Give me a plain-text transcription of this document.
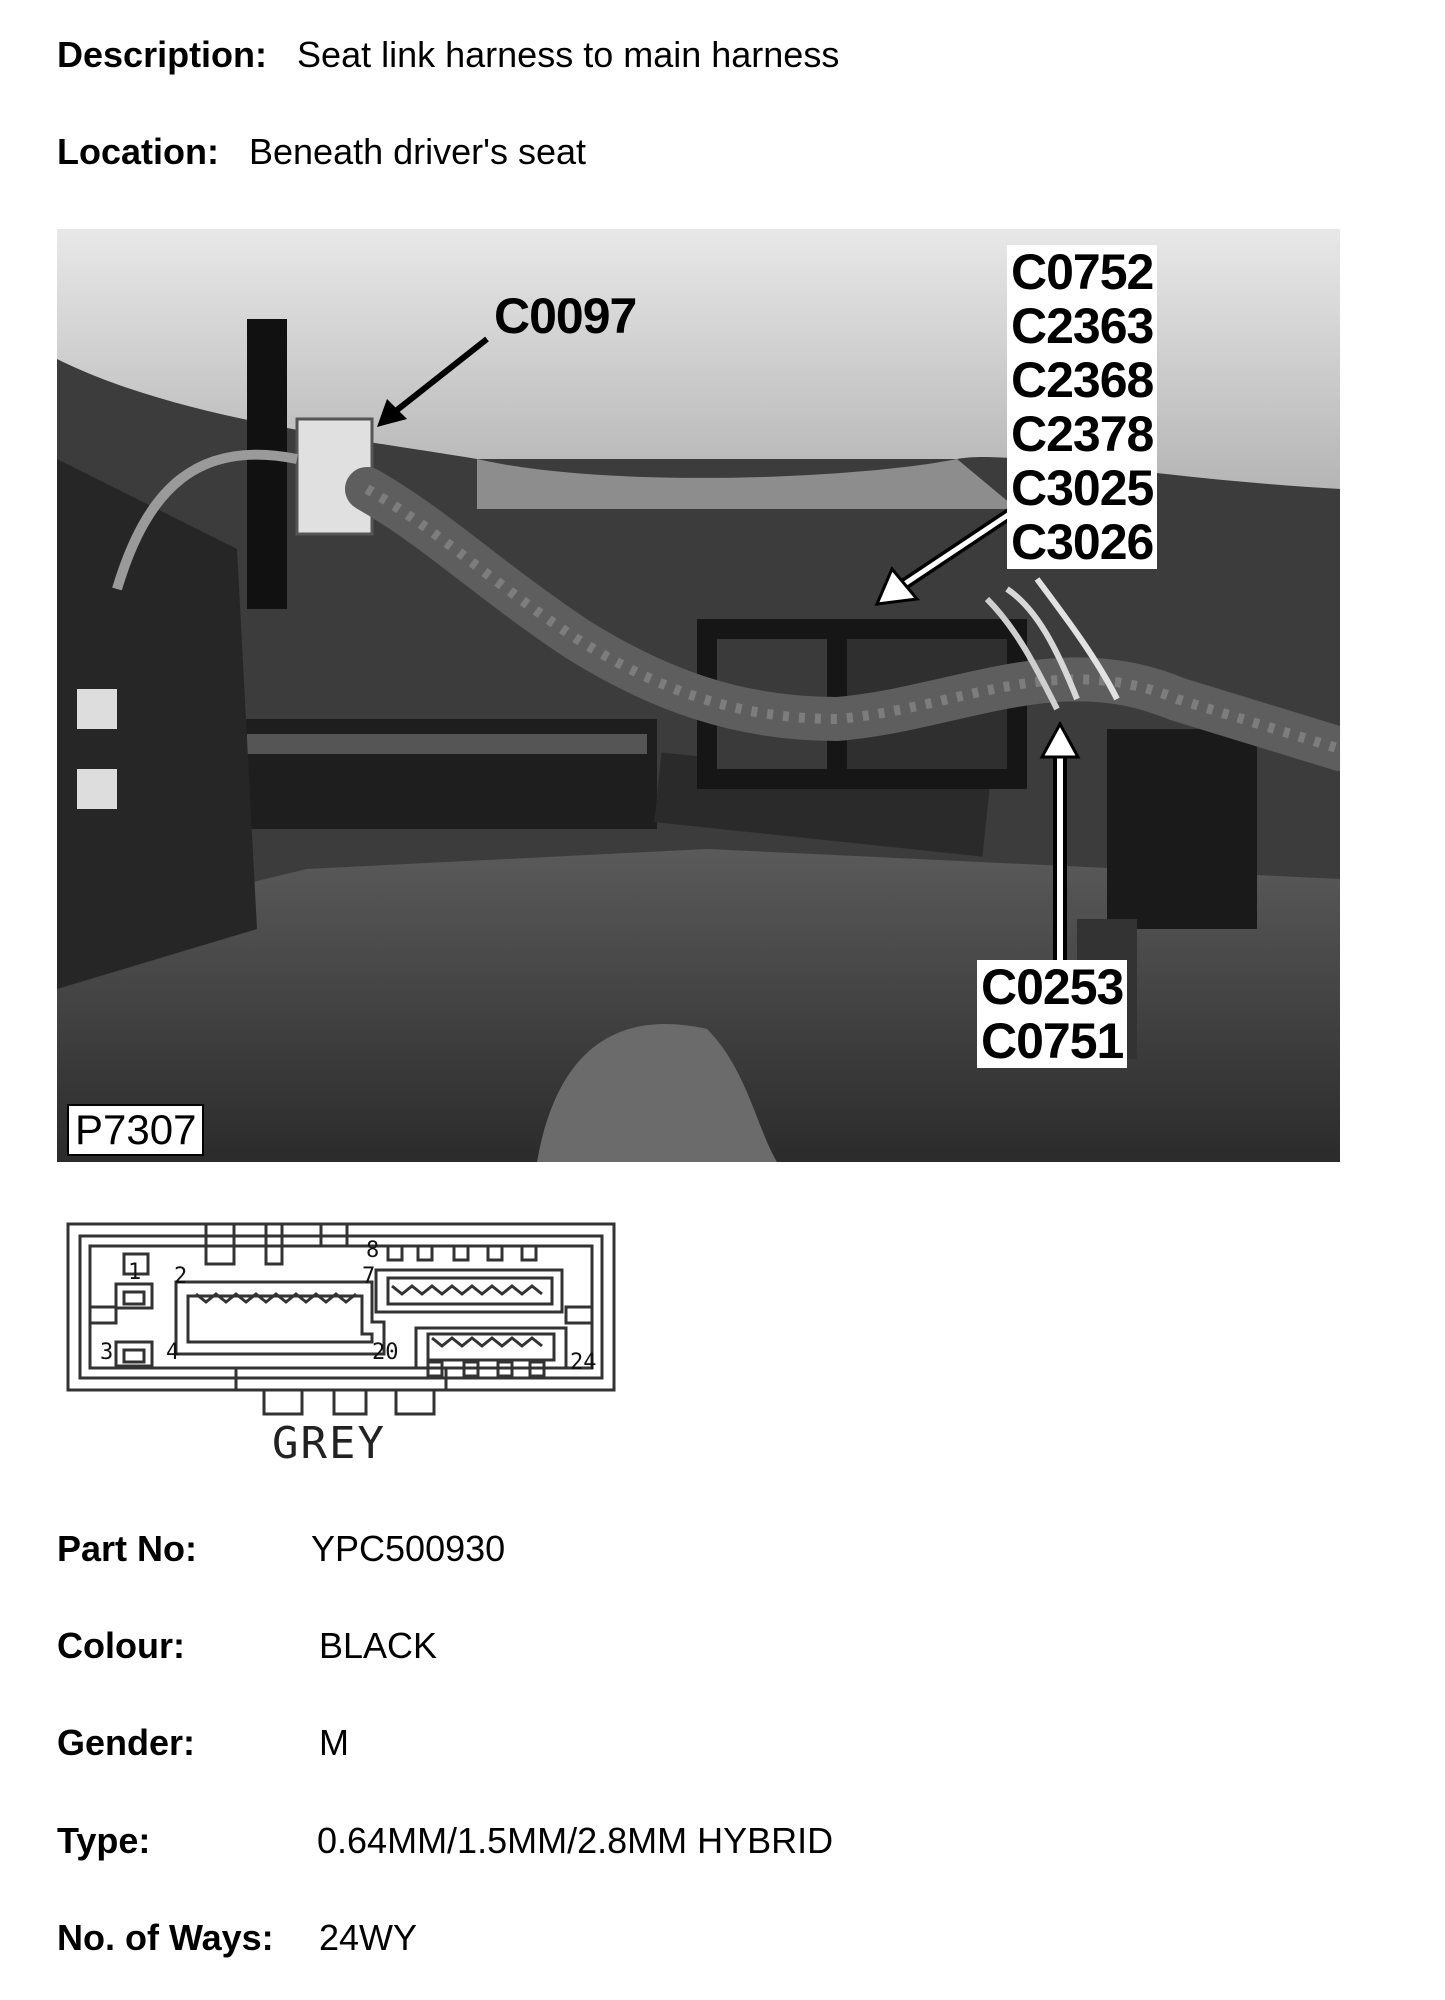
Description: Seat link harness to main harness
Location: Beneath driver's seat
C0097
C0752
C2363
C2368
C2378
C3025
C3026
C0253
C0751
P7307
1 2
3 4
7
8
20	24
GREY
Part No:	YPC500930
Colour:	BLACK
Gender:	M
Type:	0.64MM/1.5MM/2.8MM HYBRID
No. of Ways: 24WY
